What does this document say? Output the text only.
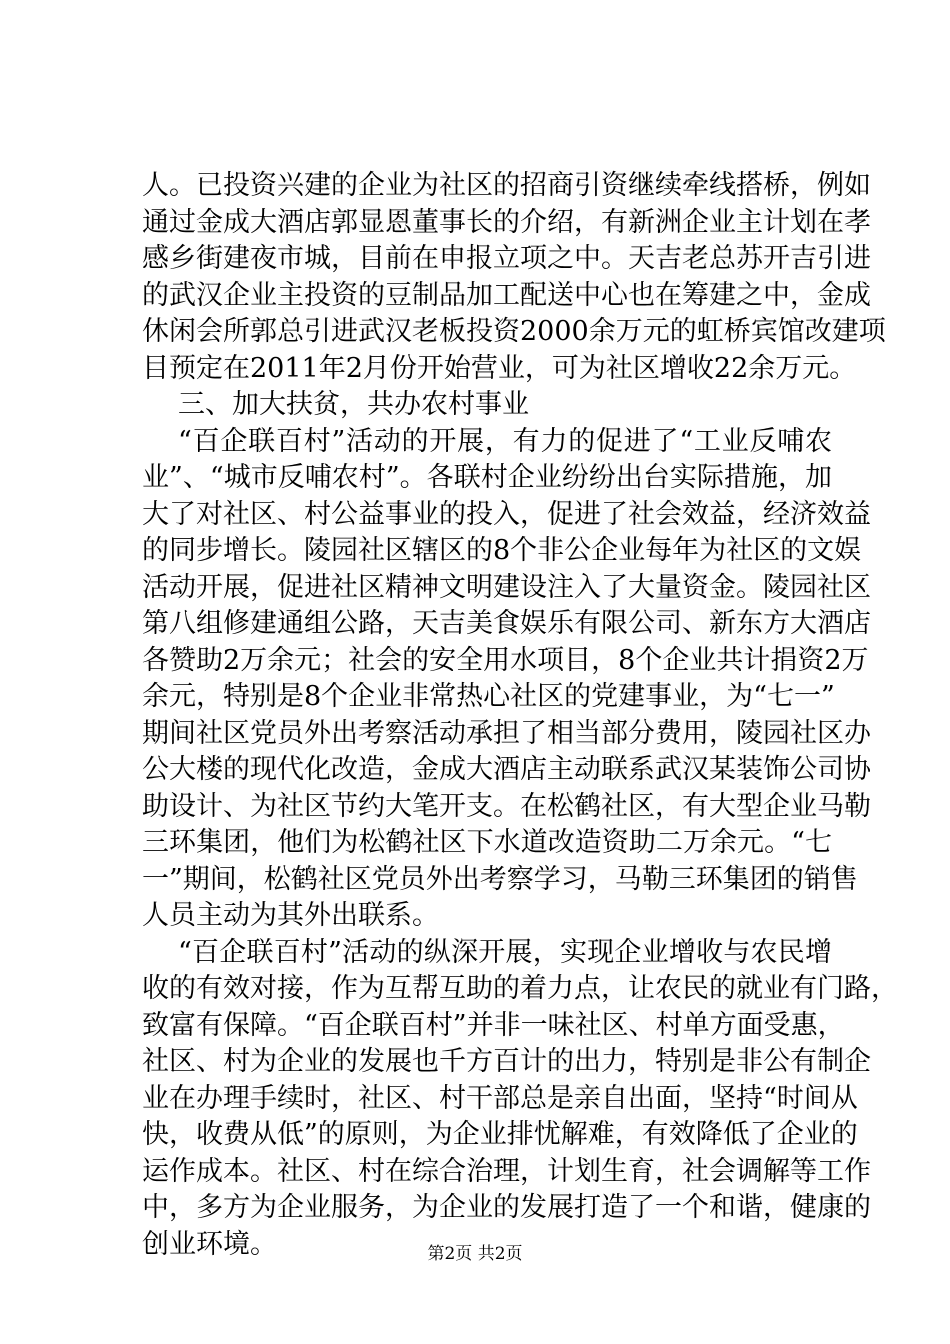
人。已投资兴建的企业为社区的招商引资继续牵线搭桥，例如
通过金成大酒店郭显恩董事长的介绍，有新洲企业主计划在孝
感乡街建夜市城，目前在申报立项之中。天吉老总苏开吉引进
的武汉企业主投资的豆制品加工配送中心也在筹建之中，金成
休闲会所郭总引进武汉老板投资2000余万元的虹桥宾馆改建项
目预定在2011年2月份开始营业，可为社区增收22余万元。
三、加大扶贫，共办农村事业
“百企联百村”活动的开展，有力的促进了“工业反哺农
业”、“城市反哺农村”。各联村企业纷纷出台实际措施，加
大了对社区、村公益事业的投入，促进了社会效益，经济效益
的同步增长。陵园社区辖区的8个非公企业每年为社区的文娱
活动开展，促进社区精神文明建设注入了大量资金。陵园社区
第八组修建通组公路，天吉美食娱乐有限公司、新东方大酒店
各赞助2万余元；社会的安全用水项目，8个企业共计捐资2万
余元，特别是8个企业非常热心社区的党建事业，为“七一”
期间社区党员外出考察活动承担了相当部分费用，陵园社区办
公大楼的现代化改造，金成大酒店主动联系武汉某装饰公司协
助设计、为社区节约大笔开支。在松鹤社区，有大型企业马勒
三环集团，他们为松鹤社区下水道改造资助二万余元。“七
一”期间，松鹤社区党员外出考察学习，马勒三环集团的销售
人员主动为其外出联系。
“百企联百村”活动的纵深开展，实现企业增收与农民增
收的有效对接，作为互帮互助的着力点，让农民的就业有门路，
致富有保障。“百企联百村”并非一味社区、村单方面受惠，
社区、村为企业的发展也千方百计的出力，特别是非公有制企
业在办理手续时，社区、村干部总是亲自出面，坚持“时间从
快，收费从低”的原则，为企业排忧解难，有效降低了企业的
运作成本。社区、村在综合治理，计划生育，社会调解等工作
中，多方为企业服务，为企业的发展打造了一个和谐，健康的
创业环境。	第2页 共2页
